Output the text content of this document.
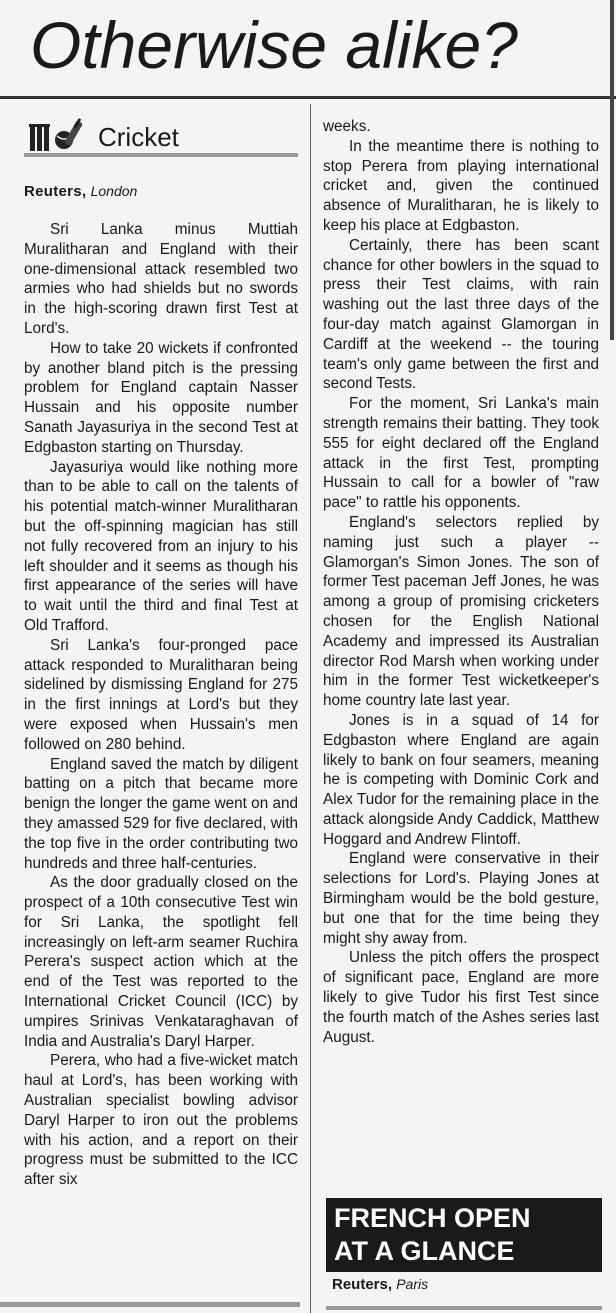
Otherwise alike?
Cricket
Reuters, London

Sri Lanka minus Muttiah Muralitharan and England with their one-dimensional attack resembled two armies who had shields but no swords in the high-scoring drawn first Test at Lord's.

How to take 20 wickets if confronted by another bland pitch is the pressing problem for England captain Nasser Hussain and his opposite number Sanath Jayasuriya in the second Test at Edgbaston starting on Thursday.

Jayasuriya would like nothing more than to be able to call on the talents of his potential match-winner Muralitharan but the off-spinning magician has still not fully recovered from an injury to his left shoulder and it seems as though his first appearance of the series will have to wait until the third and final Test at Old Trafford.

Sri Lanka's four-pronged pace attack responded to Muralitharan being sidelined by dismissing England for 275 in the first innings at Lord's but they were exposed when Hussain's men followed on 280 behind.

England saved the match by diligent batting on a pitch that became more benign the longer the game went on and they amassed 529 for five declared, with the top five in the order contributing two hundreds and three half-centuries.

As the door gradually closed on the prospect of a 10th consecutive Test win for Sri Lanka, the spotlight fell increasingly on left-arm seamer Ruchira Perera's suspect action which at the end of the Test was reported to the International Cricket Council (ICC) by umpires Srinivas Venkataraghavan of India and Australia's Daryl Harper.

Perera, who had a five-wicket match haul at Lord's, has been working with Australian specialist bowling advisor Daryl Harper to iron out the problems with his action, and a report on their progress must be submitted to the ICC after six

weeks.

In the meantime there is nothing to stop Perera from playing international cricket and, given the continued absence of Muralitharan, he is likely to keep his place at Edgbaston.

Certainly, there has been scant chance for other bowlers in the squad to press their Test claims, with rain washing out the last three days of the four-day match against Glamorgan in Cardiff at the weekend -- the touring team's only game between the first and second Tests.

For the moment, Sri Lanka's main strength remains their batting. They took 555 for eight declared off the England attack in the first Test, prompting Hussain to call for a bowler of "raw pace" to rattle his opponents.

England's selectors replied by naming just such a player -- Glamorgan's Simon Jones. The son of former Test paceman Jeff Jones, he was among a group of promising cricketers chosen for the English National Academy and impressed its Australian director Rod Marsh when working under him in the former Test wicketkeeper's home country late last year.

Jones is in a squad of 14 for Edgbaston where England are again likely to bank on four seamers, meaning he is competing with Dominic Cork and Alex Tudor for the remaining place in the attack alongside Andy Caddick, Matthew Hoggard and Andrew Flintoff.

England were conservative in their selections for Lord's. Playing Jones at Birmingham would be the bold gesture, but one that for the time being they might shy away from.

Unless the pitch offers the prospect of significant pace, England are more likely to give Tudor his first Test since the fourth match of the Ashes series last August.

FRENCH OPEN
AT A GLANCE
Reuters, Paris
